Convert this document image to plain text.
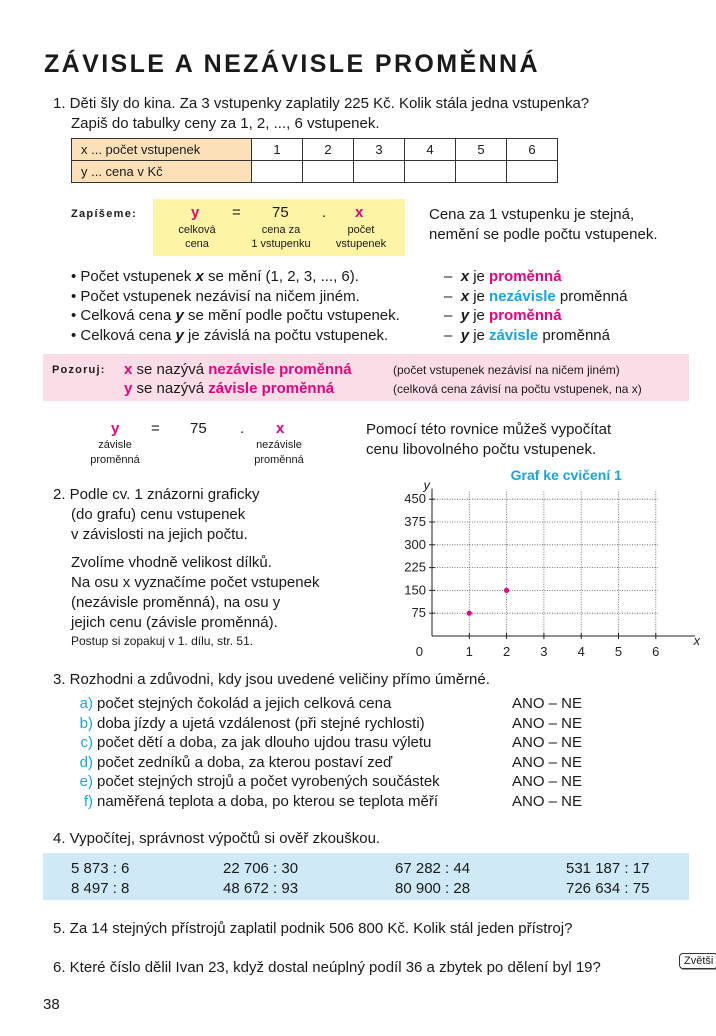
ZÁVISLE A NEZÁVISLE PROMĚNNÁ
1. Děti šly do kina. Za 3 vstupenky zaplatily 225 Kč. Kolik stála jedna vstupenka?
Zapiš do tabulky ceny za 1, 2, ..., 6 vstupenek.
x ... počet vstupenek	1	2	3	4	5	6
y ... cena v Kč						
Zapíšeme:	y = 75 . x
celková
cena
cena za
1 vstupenku
počet
vstupenek
Cena za 1 vstupenku je stejná,
nemění se podle počtu vstupenek.
• Počet vstupenek x se mění (1, 2, 3, ..., 6).
• Počet vstupenek nezávisí na ničem jiném.
• Celková cena y se mění podle počtu vstupenek.
• Celková cena y je závislá na počtu vstupenek.
– x je proměnná
– x je nezávisle proměnná
– y je proměnná
– y je závisle proměnná
Pozoruj: x se nazývá nezávisle proměnná
y se nazývá závisle proměnná
(počet vstupenek nezávisí na ničem jiném)
(celková cena závisí na počtu vstupenek, na x)
y = 75 . x
závisle
proměnná
nezávisle
proměnná
Pomocí této rovnice můžeš vypočítat
cenu libovolného počtu vstupenek.
2. Podle cv. 1 znázorni graficky
(do grafu) cenu vstupenek
v závislosti na jejich počtu.
Zvolíme vhodně velikost dílků.
Na osu x vyznačíme počet vstupenek
(nezávisle proměnná), na osu y
jejich cenu (závisle proměnná).
Postup si zopakuj v 1. dílu, str. 51.
1 2 3 4 5 6
75
150
225
300
375
450
0
x
y
Graf ke cvičení 1
3. Rozhodni a zdůvodni, kdy jsou uvedené veličiny přímo úměrné.
a) počet stejných čokolád a jejich celková cena	ANO – NE
b) doba jízdy a ujetá vzdálenost (při stejné rychlosti)	ANO – NE
c) počet dětí a doba, za jak dlouho ujdou trasu výletu	ANO – NE
d) počet zedníků a doba, za kterou postaví zeď	ANO – NE
e) počet stejných strojů a počet vyrobených součástek	ANO – NE
f) naměřená teplota a doba, po kterou se teplota měří	ANO – NE
4. Vypočítej, správnost výpočtů si ověř zkouškou.
5 873 : 6	22 706 : 30	67 282 : 44	531 187 : 17
8 497 : 8	48 672 : 93	80 900 : 28	726 634 : 75
5. Za 14 stejných přístrojů zaplatil podnik 506 800 Kč. Kolik stál jeden přístroj?
6. Které číslo dělil Ivan 23, když dostal neúplný podíl 36 a zbytek po dělení byl 19?	Zvětši
38
